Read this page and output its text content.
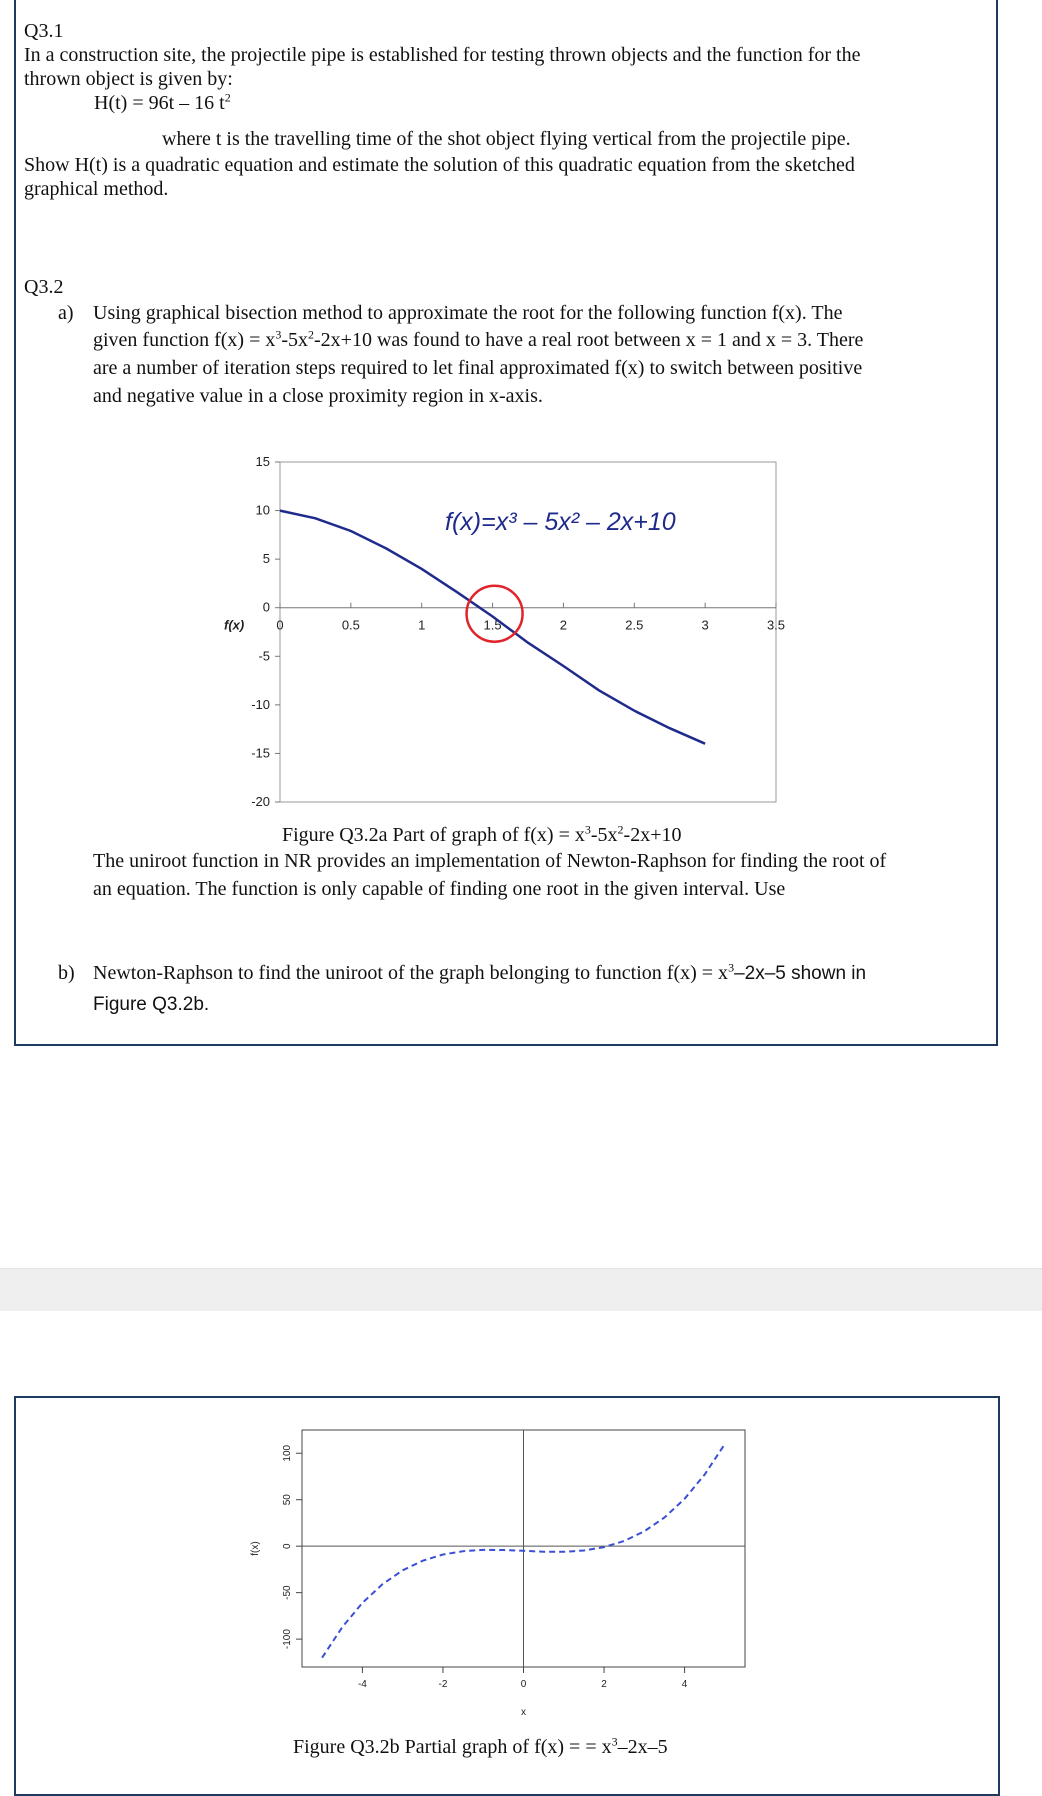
Q3.1

In a construction site, the projectile pipe is established for testing thrown objects and the function for the

thrown object is given by:

H(t) = 96t – 16 $t^2$

where t is the travelling time of the shot object flying vertical from the projectile pipe.

Show H(t) is a quadratic equation and estimate the solution of this quadratic equation from the sketched

graphical method.

Q3.2

a) Using graphical bisection method to approximate the root for the following function f(x). The

given function $f(x) = x^3-5x^2-2x+10$ was found to have a real root between x = 1 and x = 3. There

are a number of iteration steps required to let final approximated f(x) to switch between positive

and negative value in a close proximity region in x-axis.

15
10
5
0
-5
-10
-15
-20
0	0.5	1	1.5	2	2.5	3	3.5
f(x)
f(x)=x³ – 5x² – 2x+10

Figure Q3.2a Part of graph of $f(x) = x^3-5x^2-2x+10$

The uniroot function in NR provides an implementation of Newton-Raphson for finding the root of

an equation. The function is only capable of finding one root in the given interval. Use

b) Newton-Raphson to find the uniroot of the graph belonging to function $f(x) = x^3-2x-5$ shown in

Figure Q3.2b.

-100
-50
0
50
100
-4	-2	0	2	4
x
f(x)

Figure Q3.2b Partial graph of f(x) = = $x^3-2x-5$
